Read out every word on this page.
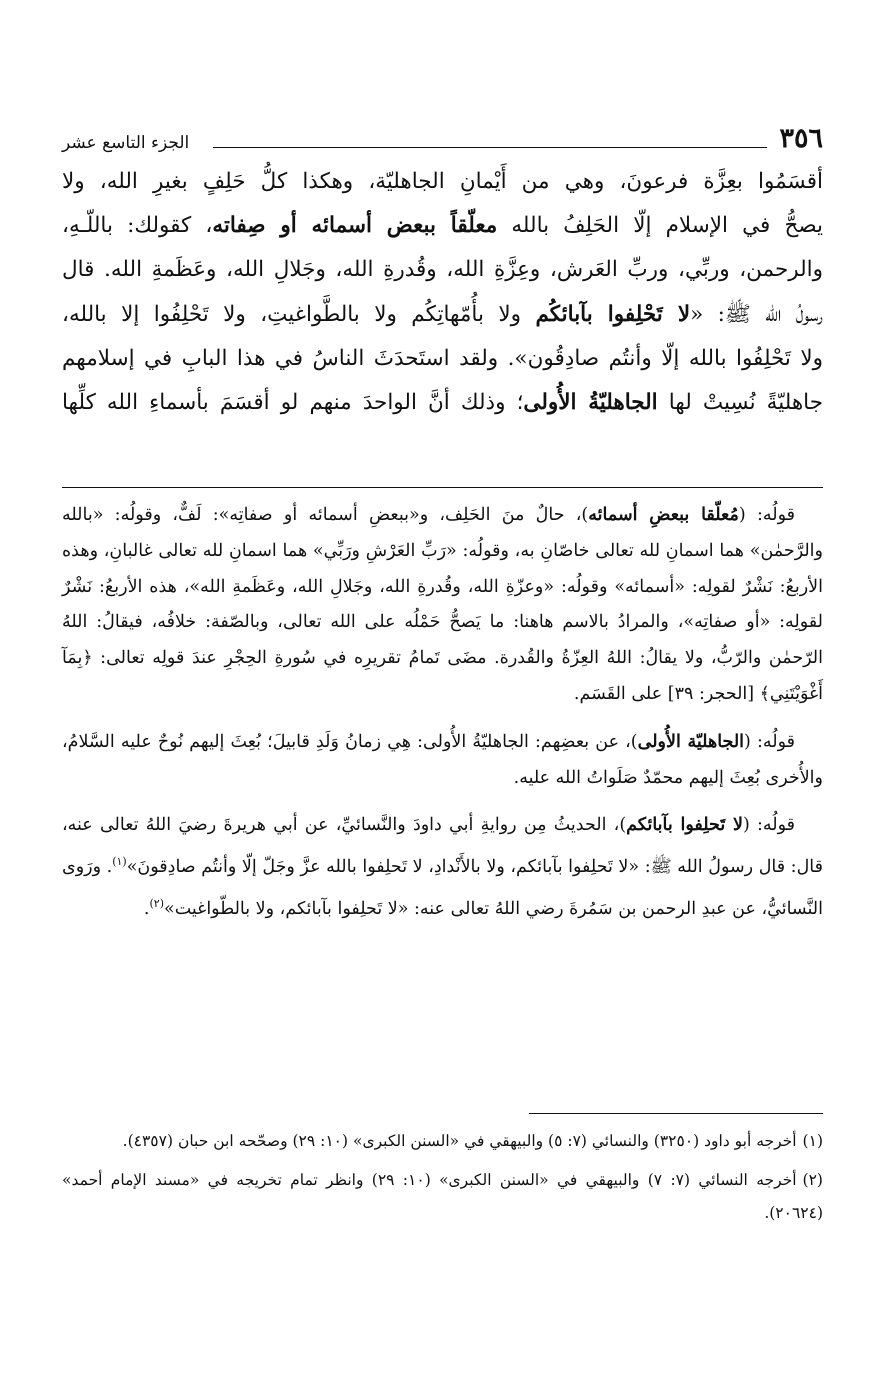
٣٥٦
الجزء التاسع عشر
أقسَمُوا بعِزَّة فرعونَ، وهي من أَيْمانِ الجاهليّة، وهكذا كلُّ حَلِفٍ بغيرِ الله، ولا
يصحُّ في الإسلام إلّا الحَلِفُ بالله معلّقاً ببعض أسمائه أو صِفاته، كقولك: باللّـهِ،
والرحمن، وربِّي، وربِّ العَرش، وعِزَّةِ الله، وقُدرةِ الله، وجَلالِ الله، وعَظَمةِ الله. قال
رسولُ الله ﷺ: «لا تَحْلِفوا بآبائكُم ولا بأُمّهاتِكُم ولا بالطَّواغيتِ، ولا تَحْلِفُوا إلا بالله،
ولا تَحْلِفُوا بالله إلّا وأنتُم صادِقُون». ولقد استَحدَثَ الناسُ في هذا البابِ في إسلامهم
جاهليّةً نُسِيتْ لها الجاهليّةُ الأُولى؛ وذلك أنَّ الواحدَ منهم لو أقسَمَ بأسماءِ الله كلِّها

قولُه: (مُعلّقا ببعضِ أسمائه)، حالٌ منَ الحَلِف، و«ببعضِ أسمائه أو صفاتِه»: لَفٌّ، وقولُه: «بالله والرَّحمٰن» هما اسمانِ لله تعالى خاصّانِ به، وقولُه: «رَبِّ العَرْشِ ورَبِّي» هما اسمانِ لله تعالى غالبانِ، وهذه الأربعُ: نَشْرٌ لقولِه: «أسمائه» وقولُه: «وعزّةِ الله، وقُدرةِ الله، وجَلالِ الله، وعَظَمةِ الله»، هذه الأربعُ: نَشْرٌ لقولِه: «أو صفاتِه»، والمرادُ بالاسم هاهنا: ما يَصحُّ حَمْلُه على الله تعالى، وبالصّفة: خلافُه، فيقالُ: اللهُ الرّحمٰن والرّبُّ، ولا يقالُ: اللهُ العِزّةُ والقُدرة. مضَى تَمامُ تقريرِه في سُورةِ الحِجْرِ عندَ قولِه تعالى: ﴿بِمَآ أَغْوَيْتَنِي﴾ [الحجر: ٣٩] على القَسَم.

قولُه: (الجاهليّة الأُولى)، عن بعضِهم: الجاهليّةُ الأُولى: هِي زمانُ وَلَدِ قابيلَ؛ بُعِثَ إليهم نُوحٌ عليه السَّلامُ، والأُخرى بُعِثَ إليهم محمّدٌ صَلَواتُ الله عليه.

قولُه: (لا تَحلِفوا بآبائكم)، الحديثُ مِن روايةِ أبي داودَ والنَّسائيِّ، عن أبي هريرةَ رضيَ اللهُ تعالى عنه، قال: قال رسولُ الله ﷺ: «لا تَحلِفوا بآبائكم، ولا بالأَنْدادِ، لا تَحلِفوا بالله عزَّ وجَلّ إلّا وأنتُم صادِقونَ»$^{(١)}$. ورَوى النَّسائيُّ، عن عبدِ الرحمن بن سَمُرةَ رضي اللهُ تعالى عنه: «لا تَحلِفوا بآبائكم، ولا بالطّواغيت»$^{(٢)}$.

(١)أخرجه أبو داود (٣٢٥٠) والنسائي (٧: ٥) والبيهقي في «السنن الكبرى» (١٠: ٢٩) وصحّحه ابن حبان (٤٣٥٧).

(٢)أخرجه النسائي (٧: ٧) والبيهقي في «السنن الكبرى» (١٠: ٢٩) وانظر تمام تخريجه في «مسند الإمام أحمد» (٢٠٦٢٤).
